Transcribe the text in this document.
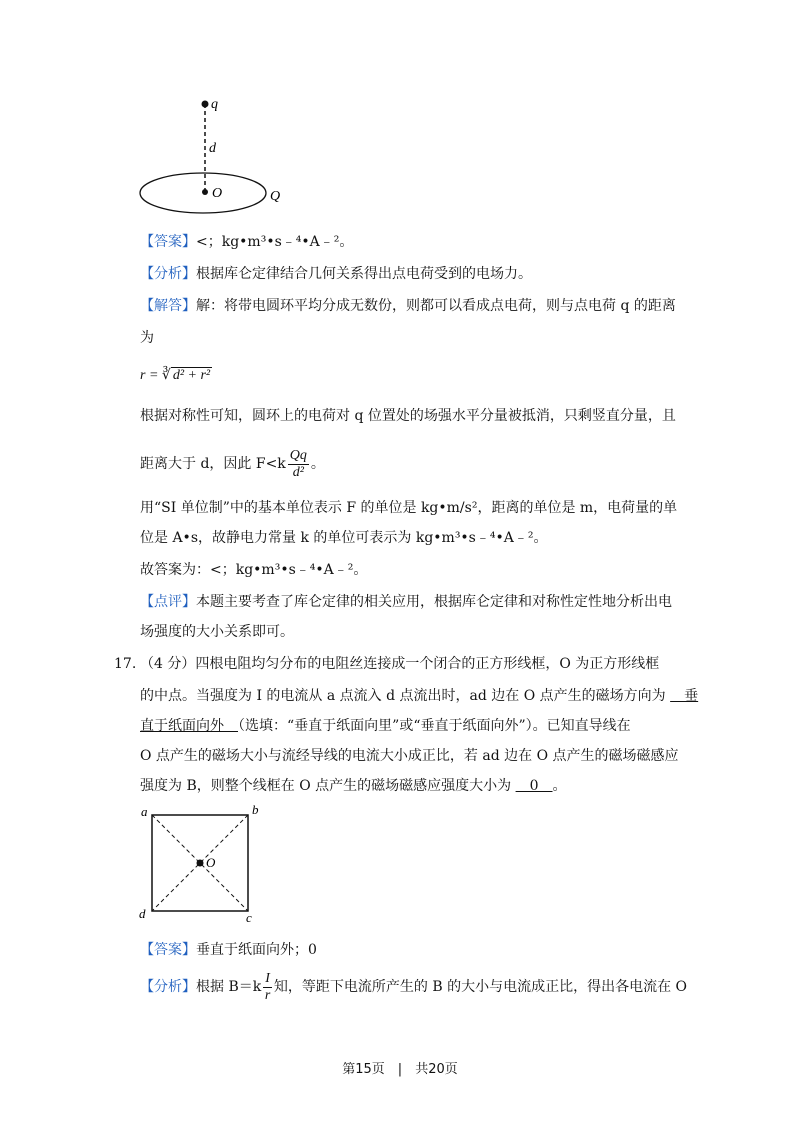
q
d
O	Q
【答案】<；kg•m³•s﹣⁴•A﹣²。
【分析】根据库仑定律结合几何关系得出点电荷受到的电场力。
【解答】解：将带电圆环平均分成无数份，则都可以看成点电荷，则与点电荷 q 的距离
为
r = ∛ d² + r²
根据对称性可知，圆环上的电荷对 q 位置处的场强水平分量被抵消，只剩竖直分量，且
距离大于 d，因此 $F<k \frac{Qq}{\text{d²}}$ 。
用“SI 单位制”中的基本单位表示 F 的单位是 kg•m/s²，距离的单位是 m，电荷量的单
位是 A•s，故静电力常量 k 的单位可表示为 kg•m³•s﹣⁴•A﹣²。
故答案为：<；kg•m³•s﹣⁴•A﹣²。
【点评】本题主要考查了库仑定律的相关应用，根据库仑定律和对称性定性地分析出电
场强度的大小关系即可。
17. （4 分）四根电阻均匀分布的电阻丝连接成一个闭合的正方形线框，O 为正方形线框
的中点。当强度为 I 的电流从 a 点流入 d 点流出时，ad 边在 O 点产生的磁场方向为 　垂
直于纸面向外　（选填：“垂直于纸面向里”或“垂直于纸面向外”）。已知直导线在
O 点产生的磁场大小与流经导线的电流大小成正比，若 ad 边在 O 点产生的磁场磁感应
强度为 B，则整个线框在 O 点产生的磁场磁感应强度大小为 　0　。
a	b
c
d
O
【答案】垂直于纸面向外；0
【分析】根据 $B=k \frac{I}{r}$ 知，等距下电流所产生的 B 的大小与电流成正比，得出各电流在 O
第15页　|　共20页
